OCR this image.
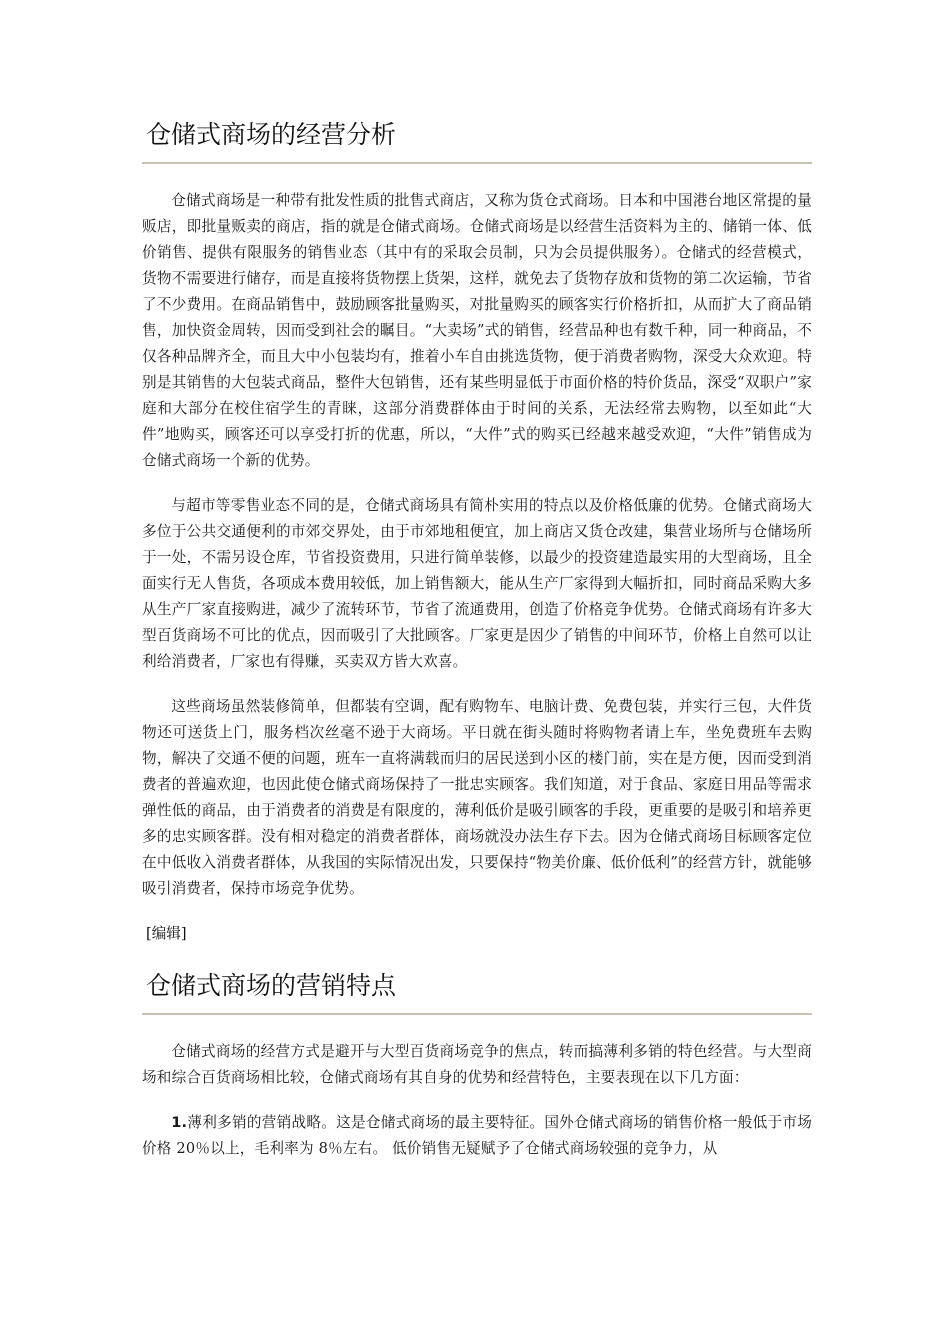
仓储式商场的经营分析

仓储式商场是一种带有批发性质的批售式商店，又称为货仓式商场。日本和中国港台地区常提的量贩店，即批量贩卖的商店，指的就是仓储式商场。仓储式商场是以经营生活资料为主的、储销一体、低价销售、提供有限服务的销售业态（其中有的采取会员制，只为会员提供服务）。仓储式的经营模式，货物不需要进行储存，而是直接将货物摆上货架，这样，就免去了货物存放和货物的第二次运输，节省了不少费用。在商品销售中，鼓励顾客批量购买，对批量购买的顾客实行价格折扣，从而扩大了商品销售，加快资金周转，因而受到社会的瞩目。“大卖场”式的销售，经营品种也有数千种，同一种商品，不仅各种品牌齐全，而且大中小包装均有，推着小车自由挑选货物，便于消费者购物，深受大众欢迎。特别是其销售的大包装式商品，整件大包销售，还有某些明显低于市面价格的特价货品，深受“双职户”家庭和大部分在校住宿学生的青睐，这部分消费群体由于时间的关系，无法经常去购物，以至如此“大件”地购买，顾客还可以享受打折的优惠，所以，“大件”式的购买已经越来越受欢迎，“大件”销售成为仓储式商场一个新的优势。

与超市等零售业态不同的是，仓储式商场具有简朴实用的特点以及价格低廉的优势。仓储式商场大多位于公共交通便利的市郊交界处，由于市郊地租便宜，加上商店又货仓改建，集营业场所与仓储场所于一处，不需另设仓库，节省投资费用，只进行简单装修，以最少的投资建造最实用的大型商场，且全面实行无人售货，各项成本费用较低，加上销售额大，能从生产厂家得到大幅折扣，同时商品采购大多从生产厂家直接购进，减少了流转环节，节省了流通费用，创造了价格竞争优势。仓储式商场有许多大型百货商场不可比的优点，因而吸引了大批顾客。厂家更是因少了销售的中间环节，价格上自然可以让利给消费者，厂家也有得赚，买卖双方皆大欢喜。

这些商场虽然装修简单，但都装有空调，配有购物车、电脑计费、免费包装，并实行三包，大件货物还可送货上门，服务档次丝毫不逊于大商场。平日就在街头随时将购物者请上车，坐免费班车去购物，解决了交通不便的问题，班车一直将满载而归的居民送到小区的楼门前，实在是方便，因而受到消费者的普遍欢迎，也因此使仓储式商场保持了一批忠实顾客。我们知道，对于食品、家庭日用品等需求弹性低的商品，由于消费者的消费是有限度的，薄利低价是吸引顾客的手段，更重要的是吸引和培养更多的忠实顾客群。没有相对稳定的消费者群体，商场就没办法生存下去。因为仓储式商场目标顾客定位在中低收入消费者群体，从我国的实际情况出发，只要保持“物美价廉、低价低利”的经营方针，就能够吸引消费者，保持市场竞争优势。

[编辑]
仓储式商场的营销特点

仓储式商场的经营方式是避开与大型百货商场竞争的焦点，转而搞薄利多销的特色经营。与大型商场和综合百货商场相比较，仓储式商场有其自身的优势和经营特色，主要表现在以下几方面：

1.薄利多销的营销战略。这是仓储式商场的最主要特征。国外仓储式商场的销售价格一般低于市场价格 20％以上，毛利率为 8％左右。 低价销售无疑赋予了仓储式商场较强的竞争力，从
